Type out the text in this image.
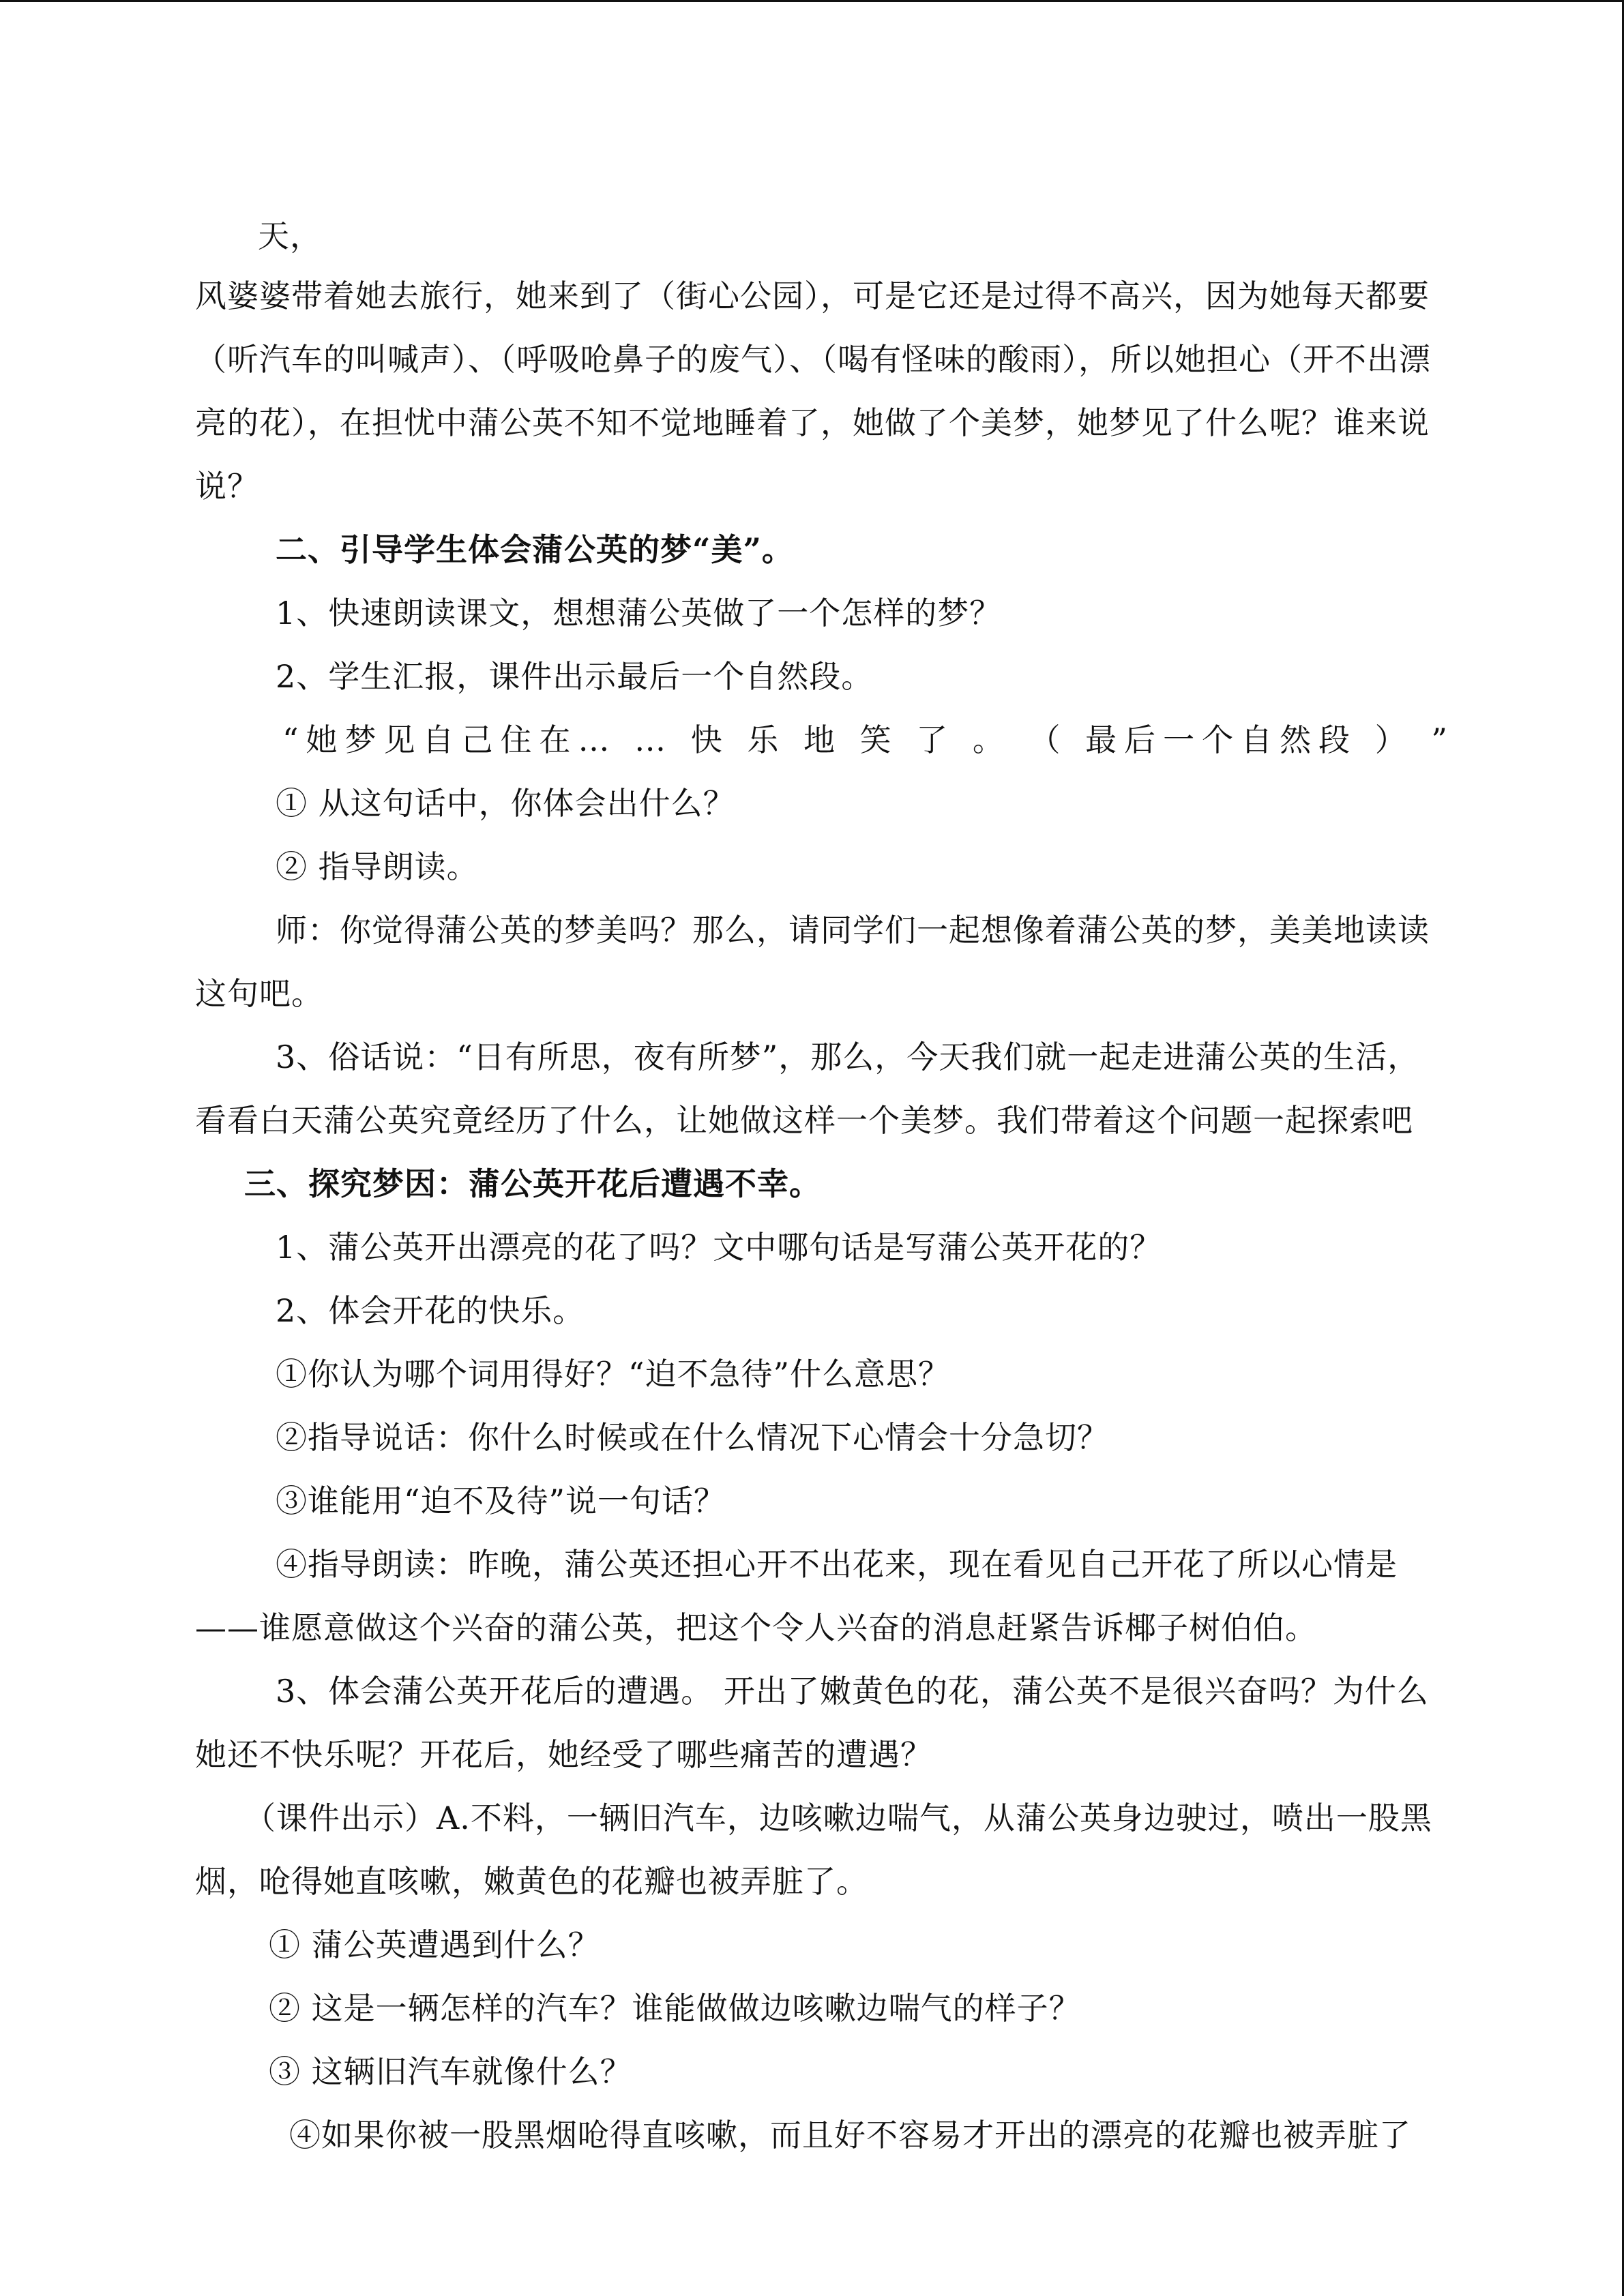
天，
风婆婆带着她去旅行，她来到了（街心公园），可是它还是过得不高兴，因为她每天都要
（听汽车的叫喊声）、（呼吸呛鼻子的废气）、（喝有怪味的酸雨），所以她担心（开不出漂
亮的花），在担忧中蒲公英不知不觉地睡着了，她做了个美梦，她梦见了什么呢？谁来说
说？
二、引导学生体会蒲公英的梦“美”。
1、快速朗读课文，想想蒲公英做了一个怎样的梦？
2、学生汇报，课件出示最后一个自然段。
“她梦见自己住在… … 快 乐 地 笑 了 。 （ 最后一个自然段 ） ”
① 从这句话中，你体会出什么？
② 指导朗读。
师：你觉得蒲公英的梦美吗？那么，请同学们一起想像着蒲公英的梦，美美地读读
这句吧。
3、俗话说：“日有所思，夜有所梦”，那么，今天我们就一起走进蒲公英的生活，
看看白天蒲公英究竟经历了什么，让她做这样一个美梦。我们带着这个问题一起探索吧
三、探究梦因：蒲公英开花后遭遇不幸。
1、蒲公英开出漂亮的花了吗？文中哪句话是写蒲公英开花的？
2、体会开花的快乐。
①你认为哪个词用得好？“迫不急待”什么意思？
②指导说话：你什么时候或在什么情况下心情会十分急切？
③谁能用“迫不及待”说一句话？
④指导朗读：昨晚，蒲公英还担心开不出花来，现在看见自己开花了所以心情是
——谁愿意做这个兴奋的蒲公英，把这个令人兴奋的消息赶紧告诉椰子树伯伯。
3、体会蒲公英开花后的遭遇。 开出了嫩黄色的花，蒲公英不是很兴奋吗？为什么
她还不快乐呢？开花后，她经受了哪些痛苦的遭遇？
（课件出示）A.不料，一辆旧汽车，边咳嗽边喘气，从蒲公英身边驶过，喷出一股黑
烟，呛得她直咳嗽，嫩黄色的花瓣也被弄脏了。
① 蒲公英遭遇到什么？
② 这是一辆怎样的汽车？谁能做做边咳嗽边喘气的样子？
③ 这辆旧汽车就像什么？
④如果你被一股黑烟呛得直咳嗽，而且好不容易才开出的漂亮的花瓣也被弄脏了
